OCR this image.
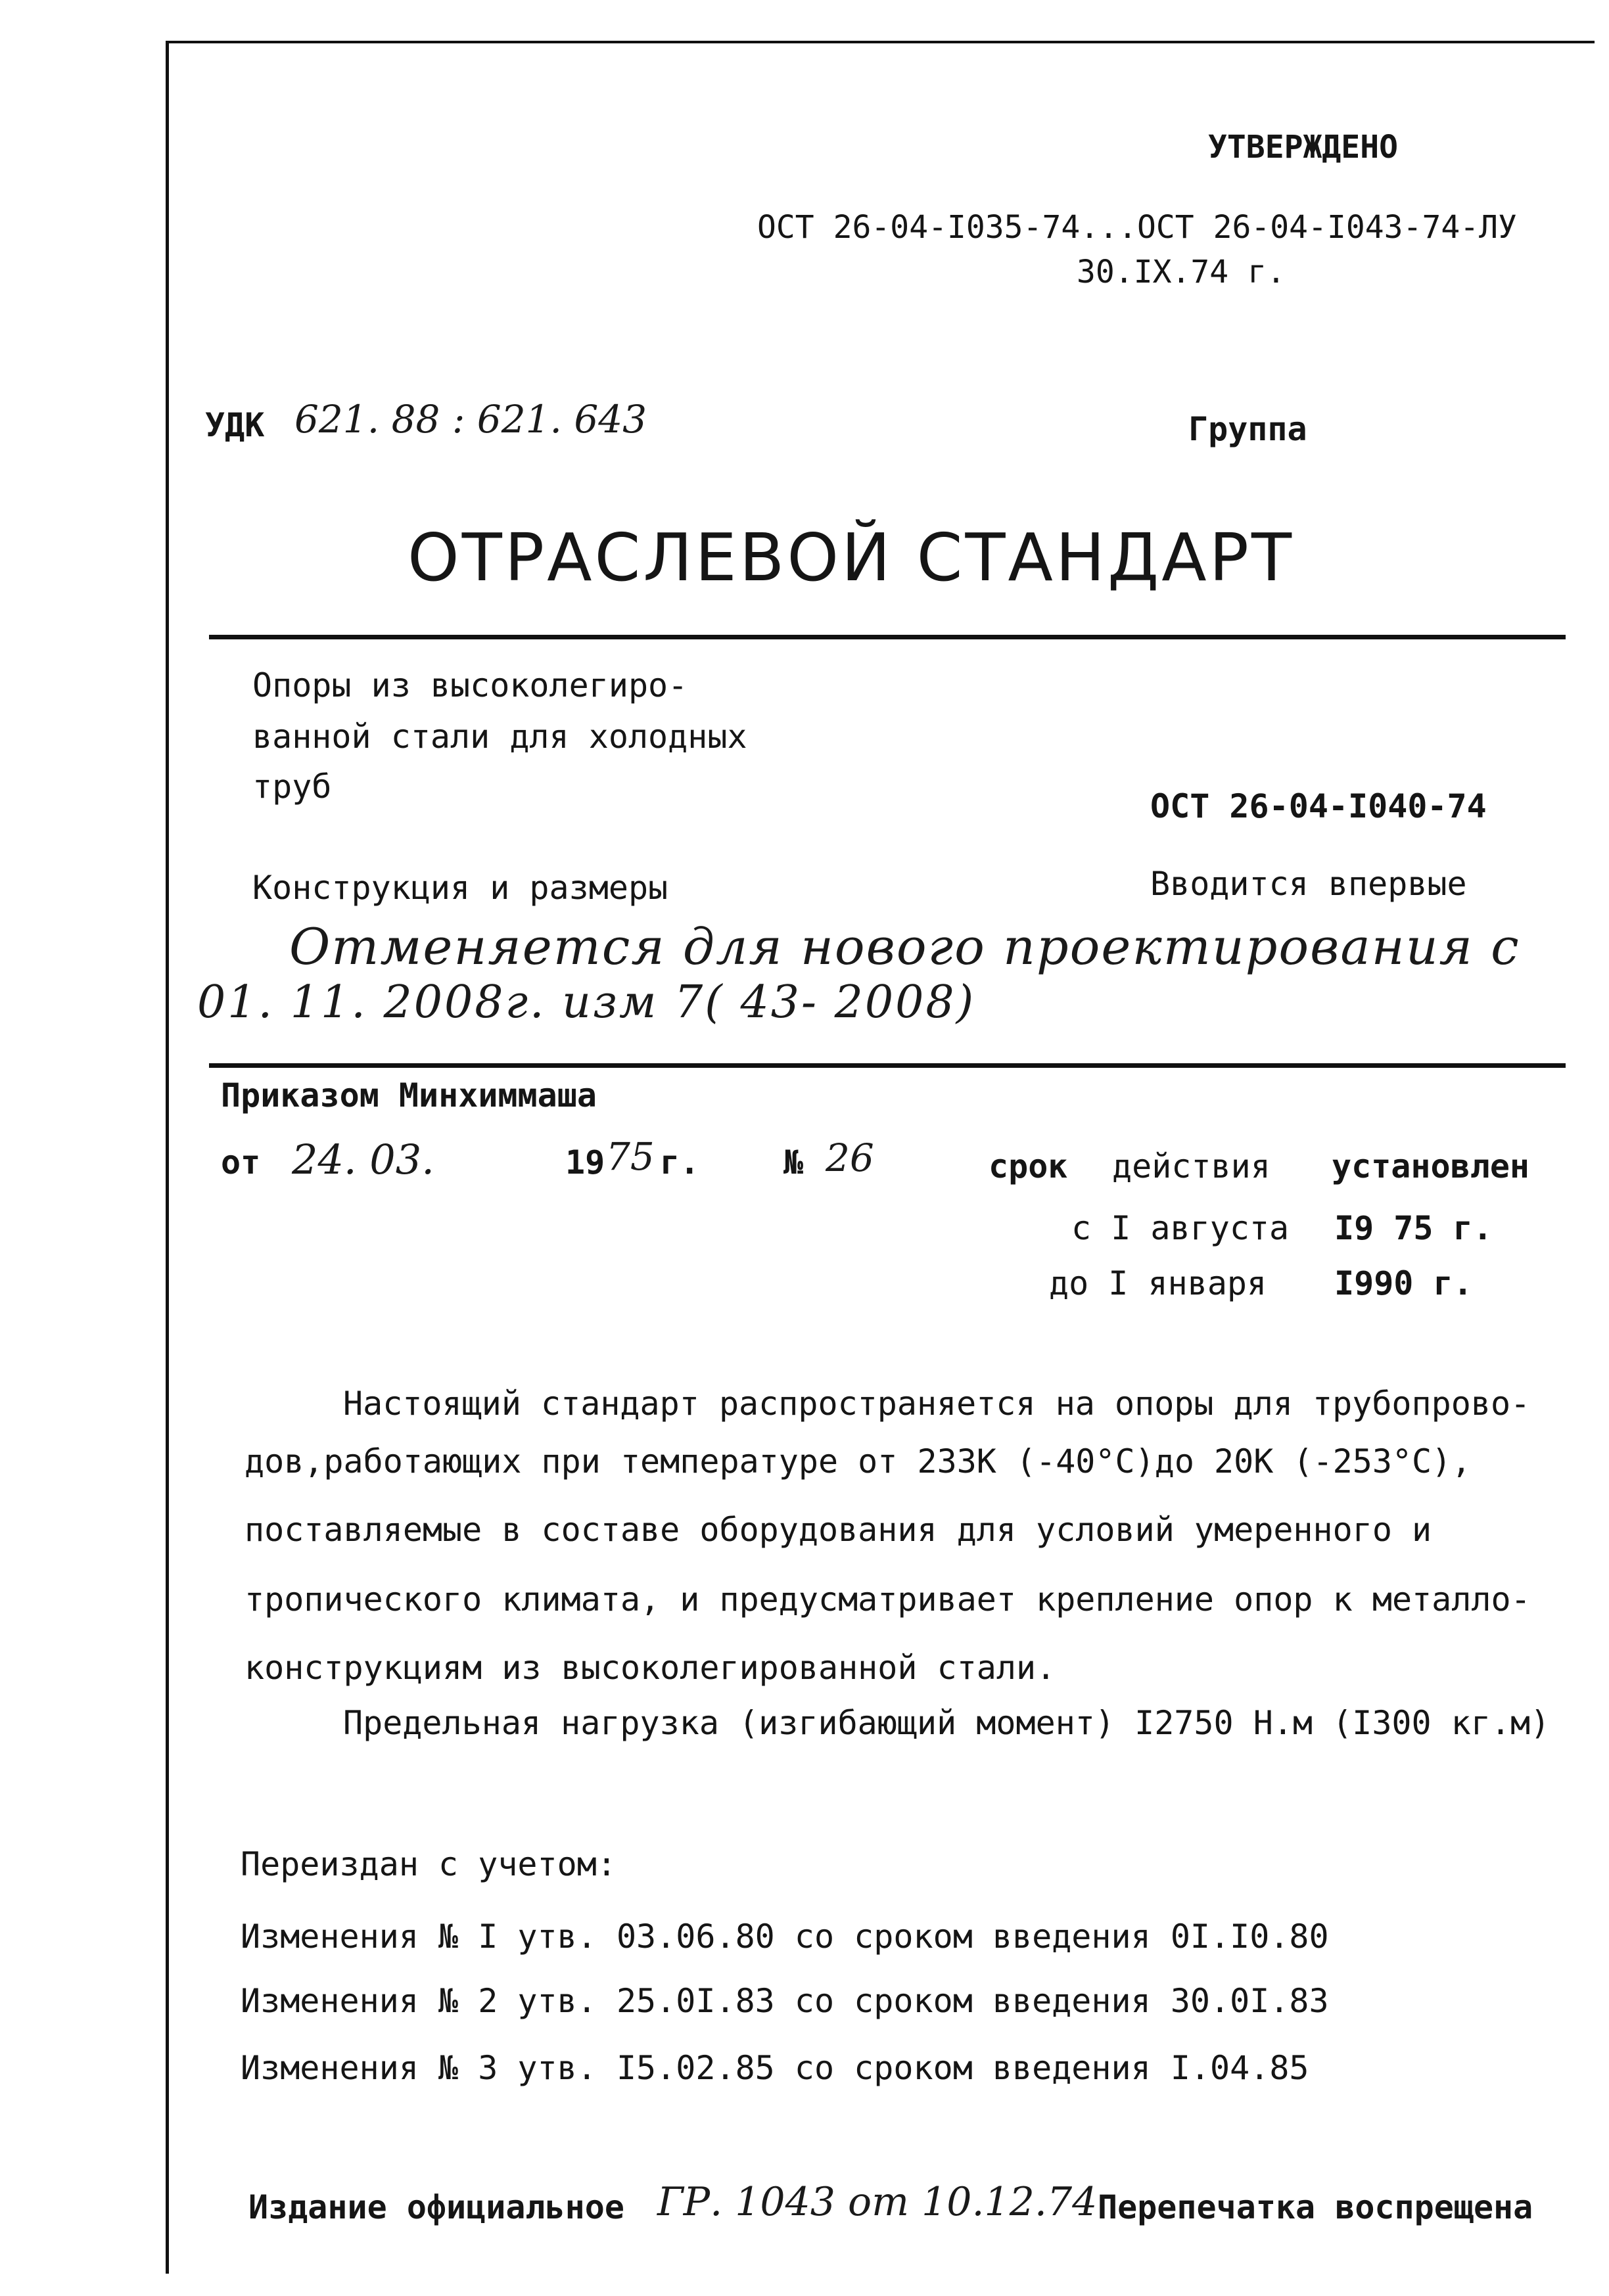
УТВЕРЖДЕНО
ОСТ 26-04-I035-74...ОСТ 26-04-I043-74-ЛУ
30.IX.74 г.
УДК 621. 88 : 621. 643	Группа
ОТРАСЛЕВОЙ СТАНДАРТ
Опоры из высоколегиро-
ванной стали для холодных
труб
ОСТ 26-04-I040-74
Конструкция и размеры	Вводится впервые
Отменяется для нового проектирования с
01. 11. 2008г. изм 7( 43- 2008)
Приказом Минхиммаша
от 24. 03.	19 75 г.	№ 26	срок действия установлен
с I августа I9 75 г.
до I января I990 г.
Настоящий стандарт распространяется на опоры для трубопрово-
дов,работающих при температуре от 233К (-40°С)до 20К (-253°С),
поставляемые в составе оборудования для условий умеренного и
тропического климата, и предусматривает крепление опор к металло-
конструкциям из высоколегированной стали.
Предельная нагрузка (изгибающий момент) I2750 Н.м (I300 кг.м)
Переиздан с учетом:
Изменения № I утв. 03.06.80 со сроком введения 0I.I0.80
Изменения № 2 утв. 25.0I.83 со сроком введения 30.0I.83
Изменения № 3 утв. I5.02.85 со сроком введения I.04.85
Издание официальное ГР. 1043 от 10.12.74 Перепечатка воспрещена
